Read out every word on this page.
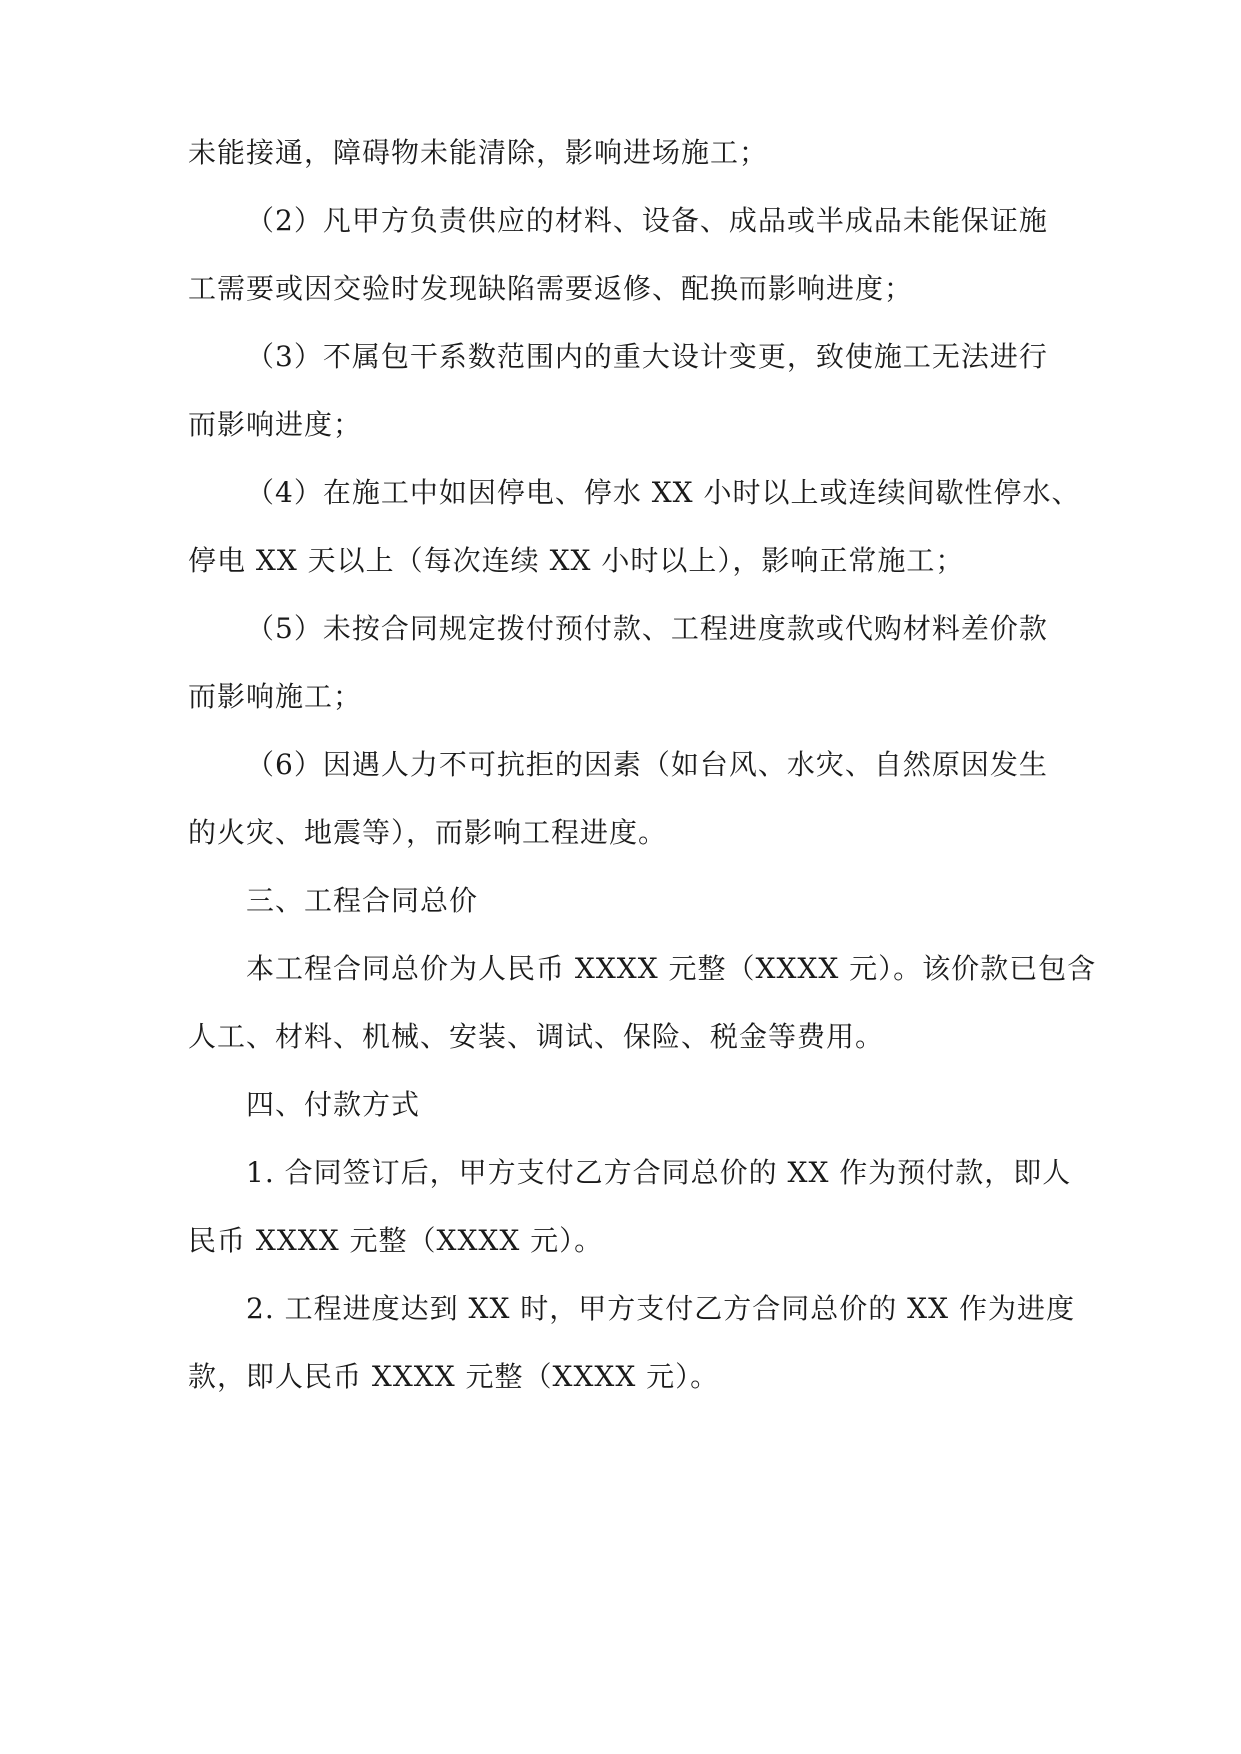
未能接通，障碍物未能清除，影响进场施工；
（2）凡甲方负责供应的材料、设备、成品或半成品未能保证施
工需要或因交验时发现缺陷需要返修、配换而影响进度；
（3）不属包干系数范围内的重大设计变更，致使施工无法进行
而影响进度；
（4）在施工中如因停电、停水 XX 小时以上或连续间歇性停水、
停电 XX 天以上（每次连续 XX 小时以上），影响正常施工；
（5）未按合同规定拨付预付款、工程进度款或代购材料差价款
而影响施工；
（6）因遇人力不可抗拒的因素（如台风、水灾、自然原因发生
的火灾、地震等），而影响工程进度。
三、工程合同总价
本工程合同总价为人民币 XXXX 元整（XXXX 元）。该价款已包含
人工、材料、机械、安装、调试、保险、税金等费用。
四、付款方式
1. 合同签订后，甲方支付乙方合同总价的 XX 作为预付款，即人
民币 XXXX 元整（XXXX 元）。
2. 工程进度达到 XX 时，甲方支付乙方合同总价的 XX 作为进度
款，即人民币 XXXX 元整（XXXX 元）。
